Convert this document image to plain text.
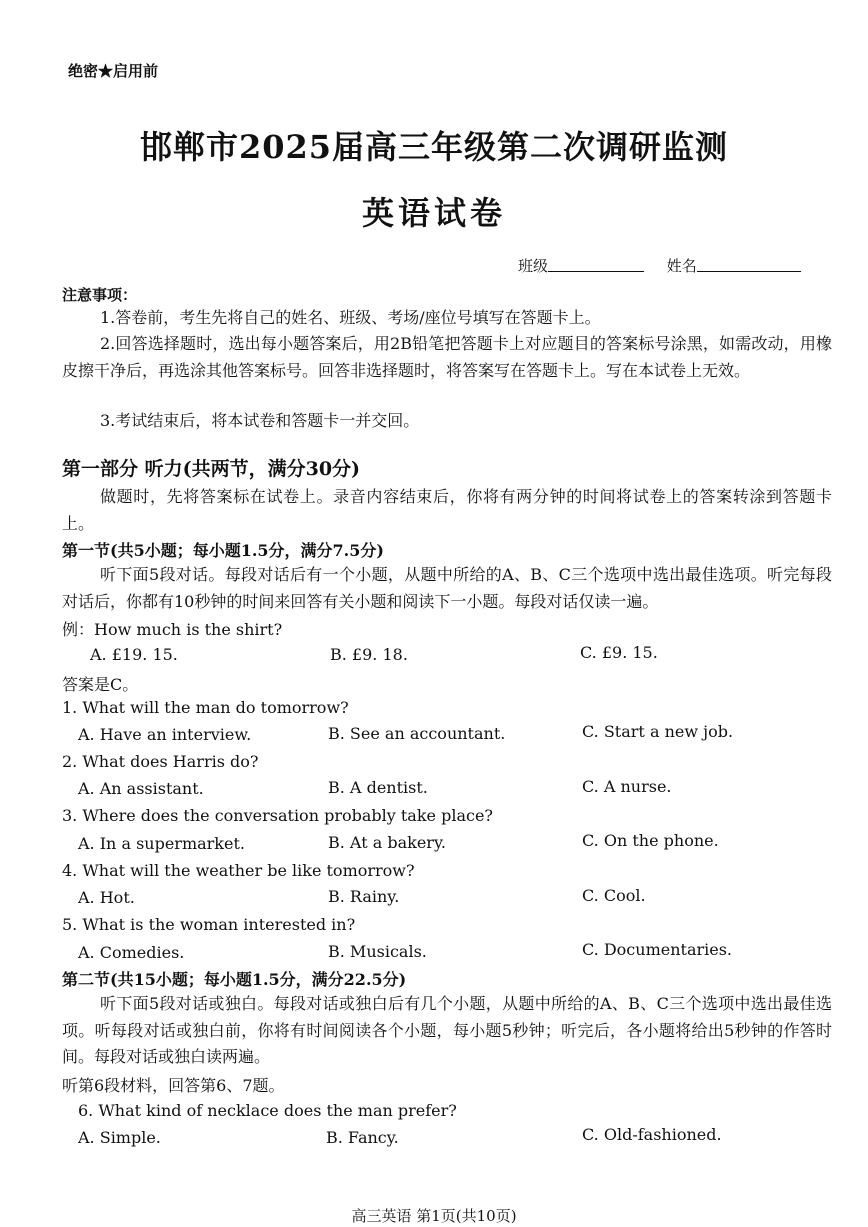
绝密★启用前
邯郸市2025届高三年级第二次调研监测
英语试卷
班级	姓名
注意事项：
1.答卷前，考生先将自己的姓名、班级、考场/座位号填写在答题卡上。
2.回答选择题时，选出每小题答案后，用2B铅笔把答题卡上对应题目的答案标号涂黑，如需改动，用橡皮擦干净后，再选涂其他答案标号。回答非选择题时，将答案写在答题卡上。写在本试卷上无效。
3.考试结束后，将本试卷和答题卡一并交回。
第一部分 听力(共两节，满分30分)
做题时，先将答案标在试卷上。录音内容结束后，你将有两分钟的时间将试卷上的答案转涂到答题卡上。
第一节(共5小题；每小题1.5分，满分7.5分)
听下面5段对话。每段对话后有一个小题，从题中所给的A、B、C三个选项中选出最佳选项。听完每段对话后，你都有10秒钟的时间来回答有关小题和阅读下一小题。每段对话仅读一遍。
例：How much is the shirt?
A. £19. 15.	B. £9. 18.	C. £9. 15.
答案是C。
1. What will the man do tomorrow?
A. Have an interview.	B. See an accountant.	C. Start a new job.
2. What does Harris do?
A. An assistant.	B. A dentist.	C. A nurse.
3. Where does the conversation probably take place?
A. In a supermarket.	B. At a bakery.	C. On the phone.
4. What will the weather be like tomorrow?
A. Hot.	B. Rainy.	C. Cool.
5. What is the woman interested in?
A. Comedies.	B. Musicals.	C. Documentaries.
第二节(共15小题；每小题1.5分，满分22.5分)
听下面5段对话或独白。每段对话或独白后有几个小题，从题中所给的A、B、C三个选项中选出最佳选项。听每段对话或独白前，你将有时间阅读各个小题，每小题5秒钟；听完后，各小题将给出5秒钟的作答时间。每段对话或独白读两遍。
听第6段材料，回答第6、7题。
6. What kind of necklace does the man prefer?
A. Simple.	B. Fancy.	C. Old-fashioned.
高三英语 第1页(共10页)
